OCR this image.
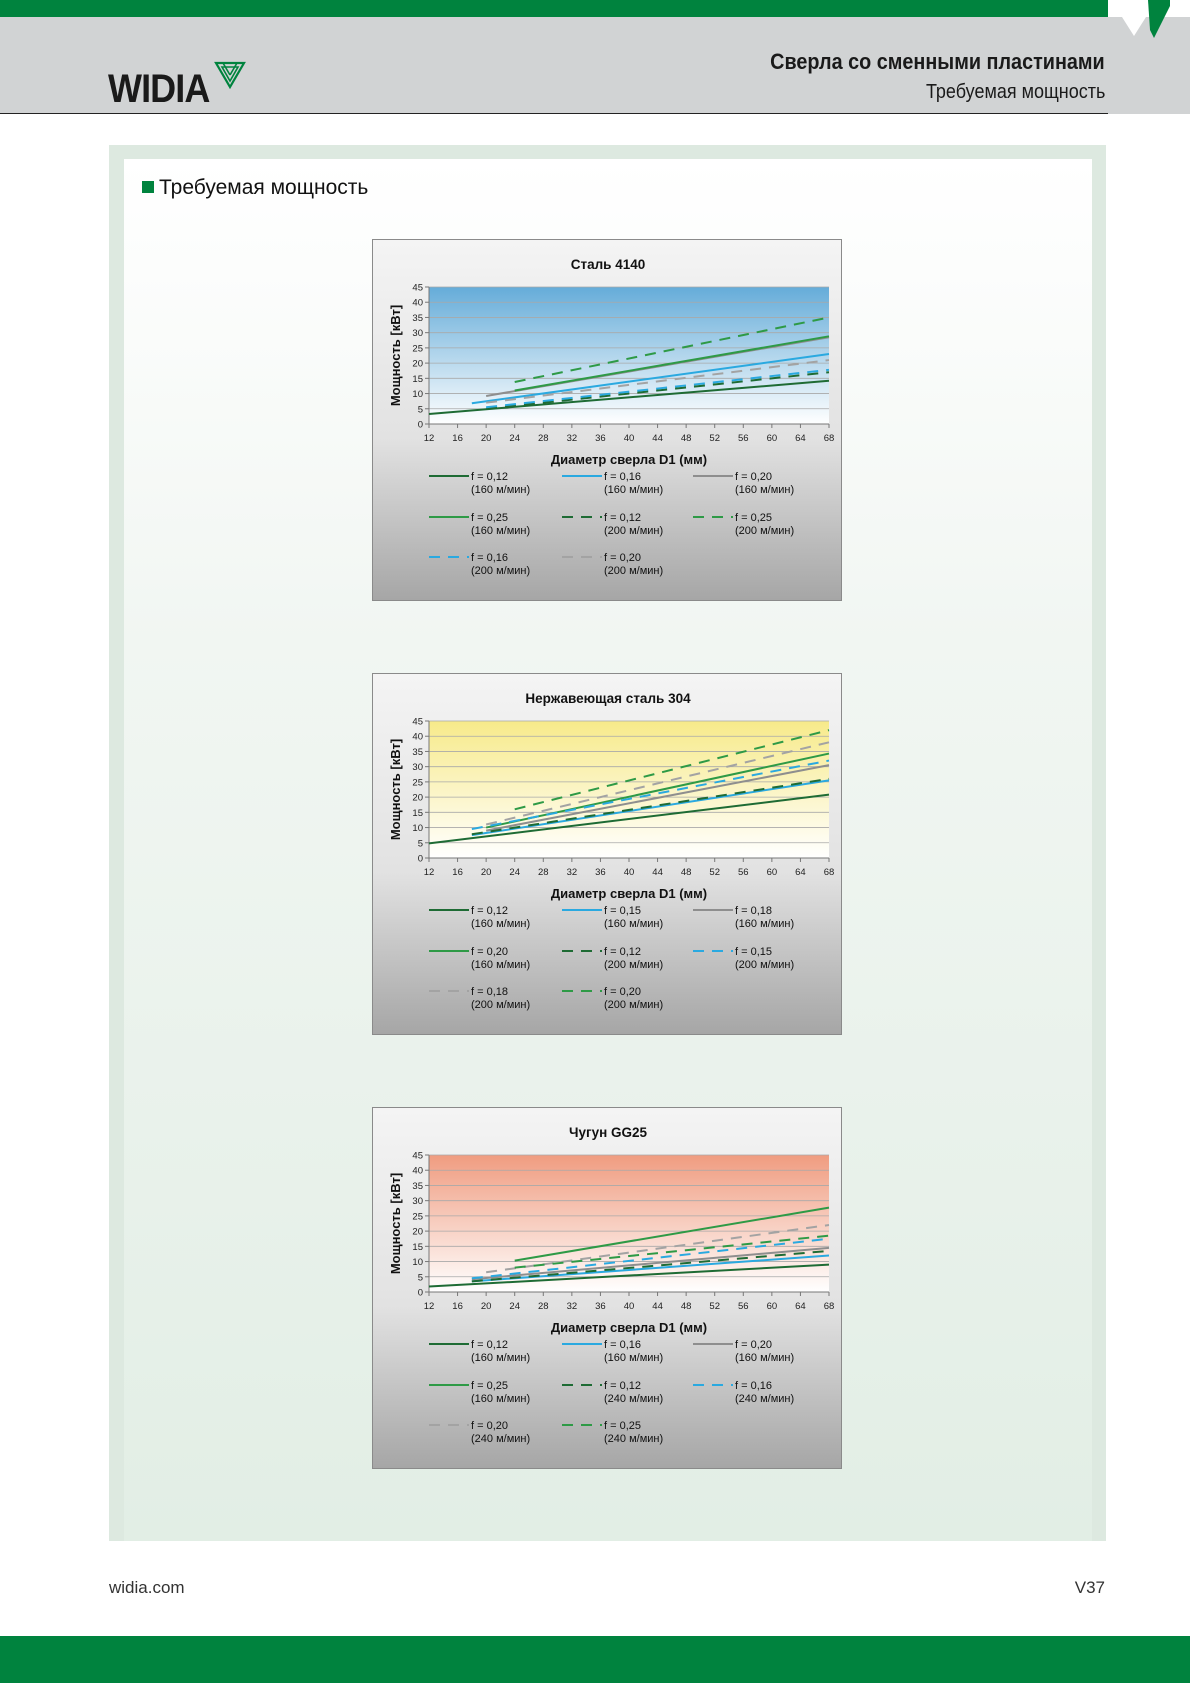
WIDIA
Сверла со сменными пластинами
Требуемая мощность
Требуемая мощность
Сталь 4140
0
5
10
15
20
25
30
35
40
45
12 16 20 24 28 32 36 40 44 48 52 56 60 64 68
Диаметр сверла D1 (мм)
Мощность [кВт]
f = 0,12
(160 м/мин)
f = 0,16
(160 м/мин)
f = 0,20
(160 м/мин)
f = 0,25
(160 м/мин)
f = 0,12
(200 м/мин)
f = 0,25
(200 м/мин)
f = 0,16
(200 м/мин)
f = 0,20
(200 м/мин)
Нержавеющая сталь 304
0
5
10
15
20
25
30
35
40
45
12 16 20 24 28 32 36 40 44 48 52 56 60 64 68
Диаметр сверла D1 (мм)
Мощность [кВт]
f = 0,12
(160 м/мин)
f = 0,15
(160 м/мин)
f = 0,18
(160 м/мин)
f = 0,20
(160 м/мин)
f = 0,12
(200 м/мин)
f = 0,15
(200 м/мин)
f = 0,18
(200 м/мин)
f = 0,20
(200 м/мин)
Чугун GG25
0
5
10
15
20
25
30
35
40
45
12 16 20 24 28 32 36 40 44 48 52 56 60 64 68
Диаметр сверла D1 (мм)
Мощность [кВт]
f = 0,12
(160 м/мин)
f = 0,16
(160 м/мин)
f = 0,20
(160 м/мин)
f = 0,25
(160 м/мин)
f = 0,12
(240 м/мин)
f = 0,16
(240 м/мин)
f = 0,20
(240 м/мин)
f = 0,25
(240 м/мин)
widia.com	V37
